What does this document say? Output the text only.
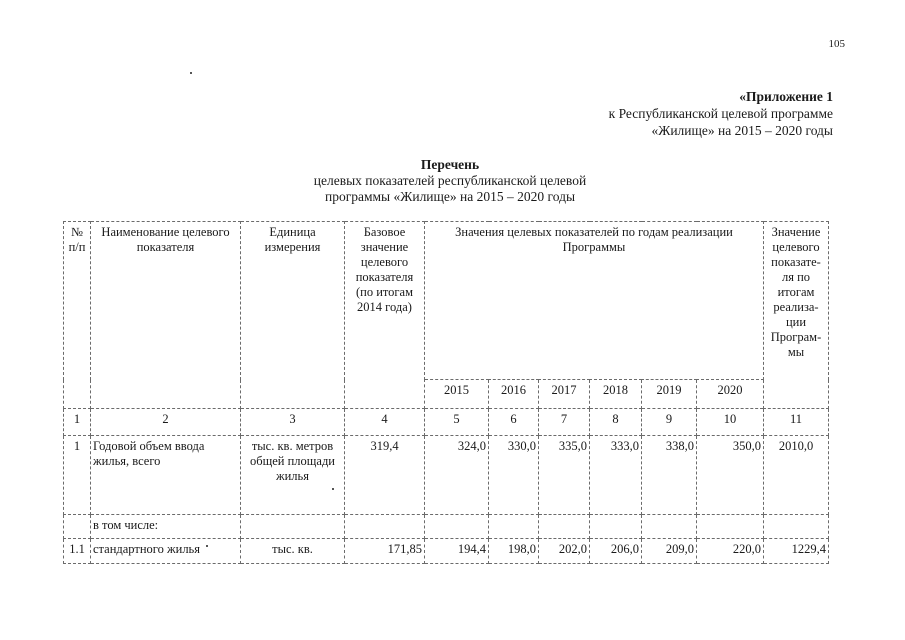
105
«Приложение 1
к Республиканской целевой программе
«Жилище» на 2015 – 2020 годы
Перечень
целевых показателей республиканской целевой
программы «Жилище» на 2015 – 2020 годы
№ п/п	Наименование целевого показателя	Единица измерения	Базовое значение целевого показателя (по итогам 2014 года)	Значения целевых показателей по годам реализации Программы						Значение целевого показате-ля по итогам реализа-ции Програм-мы
				2015	2016	2017	2018	2019	2020	
1	2	3	4	5	6	7	8	9	10	11
1	Годовой объем ввода жилья, всего	тыс. кв. метров общей площади жилья	319,4	324,0	330,0	335,0	333,0	338,0	350,0	2010,0
	в том числе:									
1.1	стандартного жилья	тыс. кв.	171,85	194,4	198,0	202,0	206,0	209,0	220,0	1229,4
